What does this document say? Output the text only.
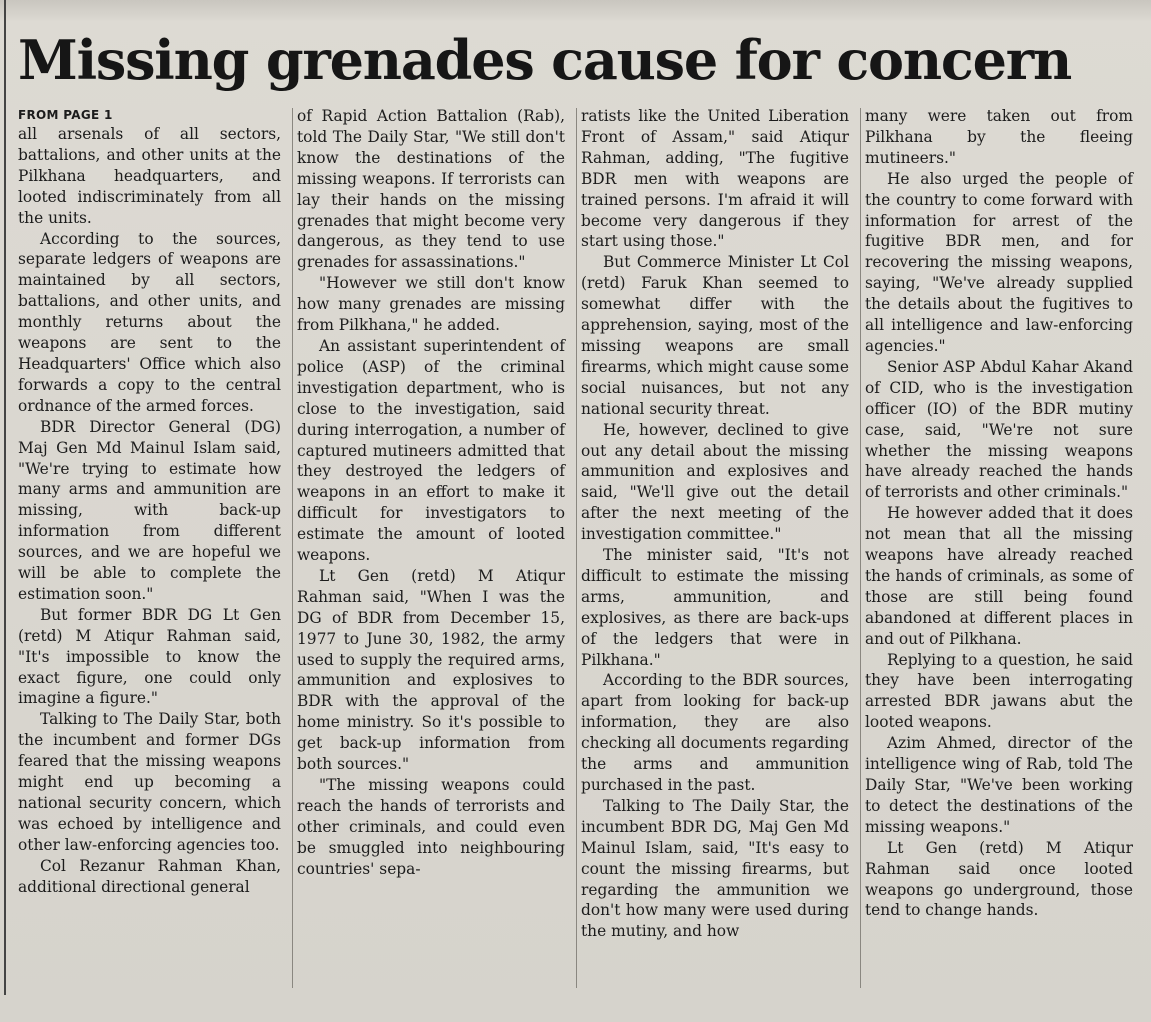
Missing grenades cause for concern
FROM PAGE 1

all arsenals of all sectors, battalions, and other units at the Pilkhana headquarters, and looted indiscriminately from all the units.

According to the sources, separate ledgers of weapons are maintained by all sectors, battalions, and other units, and monthly returns about the weapons are sent to the Headquarters' Office which also forwards a copy to the central ordnance of the armed forces.

BDR Director General (DG) Maj Gen Md Mainul Islam said, "We're trying to estimate how many arms and ammunition are missing, with back-up information from different sources, and we are hopeful we will be able to complete the estimation soon."

But former BDR DG Lt Gen (retd) M Atiqur Rahman said, "It's impossible to know the exact figure, one could only imagine a figure."

Talking to The Daily Star, both the incumbent and former DGs feared that the missing weapons might end up becoming a national security concern, which was echoed by intelligence and other law-enforcing agencies too.

Col Rezanur Rahman Khan, additional directional general

of Rapid Action Battalion (Rab), told The Daily Star, "We still don't know the destinations of the missing weapons. If terrorists can lay their hands on the missing grenades that might become very dangerous, as they tend to use grenades for assassinations."

"However we still don't know how many grenades are missing from Pilkhana," he added.

An assistant superintendent of police (ASP) of the criminal investigation department, who is close to the investigation, said during interrogation, a number of captured mutineers admitted that they destroyed the ledgers of weapons in an effort to make it difficult for investigators to estimate the amount of looted weapons.

Lt Gen (retd) M Atiqur Rahman said, "When I was the DG of BDR from December 15, 1977 to June 30, 1982, the army used to supply the required arms, ammunition and explosives to BDR with the approval of the home ministry. So it's possible to get back-up information from both sources."

"The missing weapons could reach the hands of terrorists and other criminals, and could even be smuggled into neighbouring countries' sepa-

ratists like the United Liberation Front of Assam," said Atiqur Rahman, adding, "The fugitive BDR men with weapons are trained persons. I'm afraid it will become very dangerous if they start using those."

But Commerce Minister Lt Col (retd) Faruk Khan seemed to somewhat differ with the apprehension, saying, most of the missing weapons are small firearms, which might cause some social nuisances, but not any national security threat.

He, however, declined to give out any detail about the missing ammunition and explosives and said, "We'll give out the detail after the next meeting of the investigation committee."

The minister said, "It's not difficult to estimate the missing arms, ammunition, and explosives, as there are back-ups of the ledgers that were in Pilkhana."

According to the BDR sources, apart from looking for back-up information, they are also checking all documents regarding the arms and ammunition purchased in the past.

Talking to The Daily Star, the incumbent BDR DG, Maj Gen Md Mainul Islam, said, "It's easy to count the missing firearms, but regarding the ammunition we don't how many were used during the mutiny, and how

many were taken out from Pilkhana by the fleeing mutineers."

He also urged the people of the country to come forward with information for arrest of the fugitive BDR men, and for recovering the missing weapons, saying, "We've already supplied the details about the fugitives to all intelligence and law-enforcing agencies."

Senior ASP Abdul Kahar Akand of CID, who is the investigation officer (IO) of the BDR mutiny case, said, "We're not sure whether the missing weapons have already reached the hands of terrorists and other criminals."

He however added that it does not mean that all the missing weapons have already reached the hands of criminals, as some of those are still being found abandoned at different places in and out of Pilkhana.

Replying to a question, he said they have been interrogating arrested BDR jawans abut the looted weapons.

Azim Ahmed, director of the intelligence wing of Rab, told The Daily Star, "We've been working to detect the destinations of the missing weapons."

Lt Gen (retd) M Atiqur Rahman said once looted weapons go underground, those tend to change hands.
